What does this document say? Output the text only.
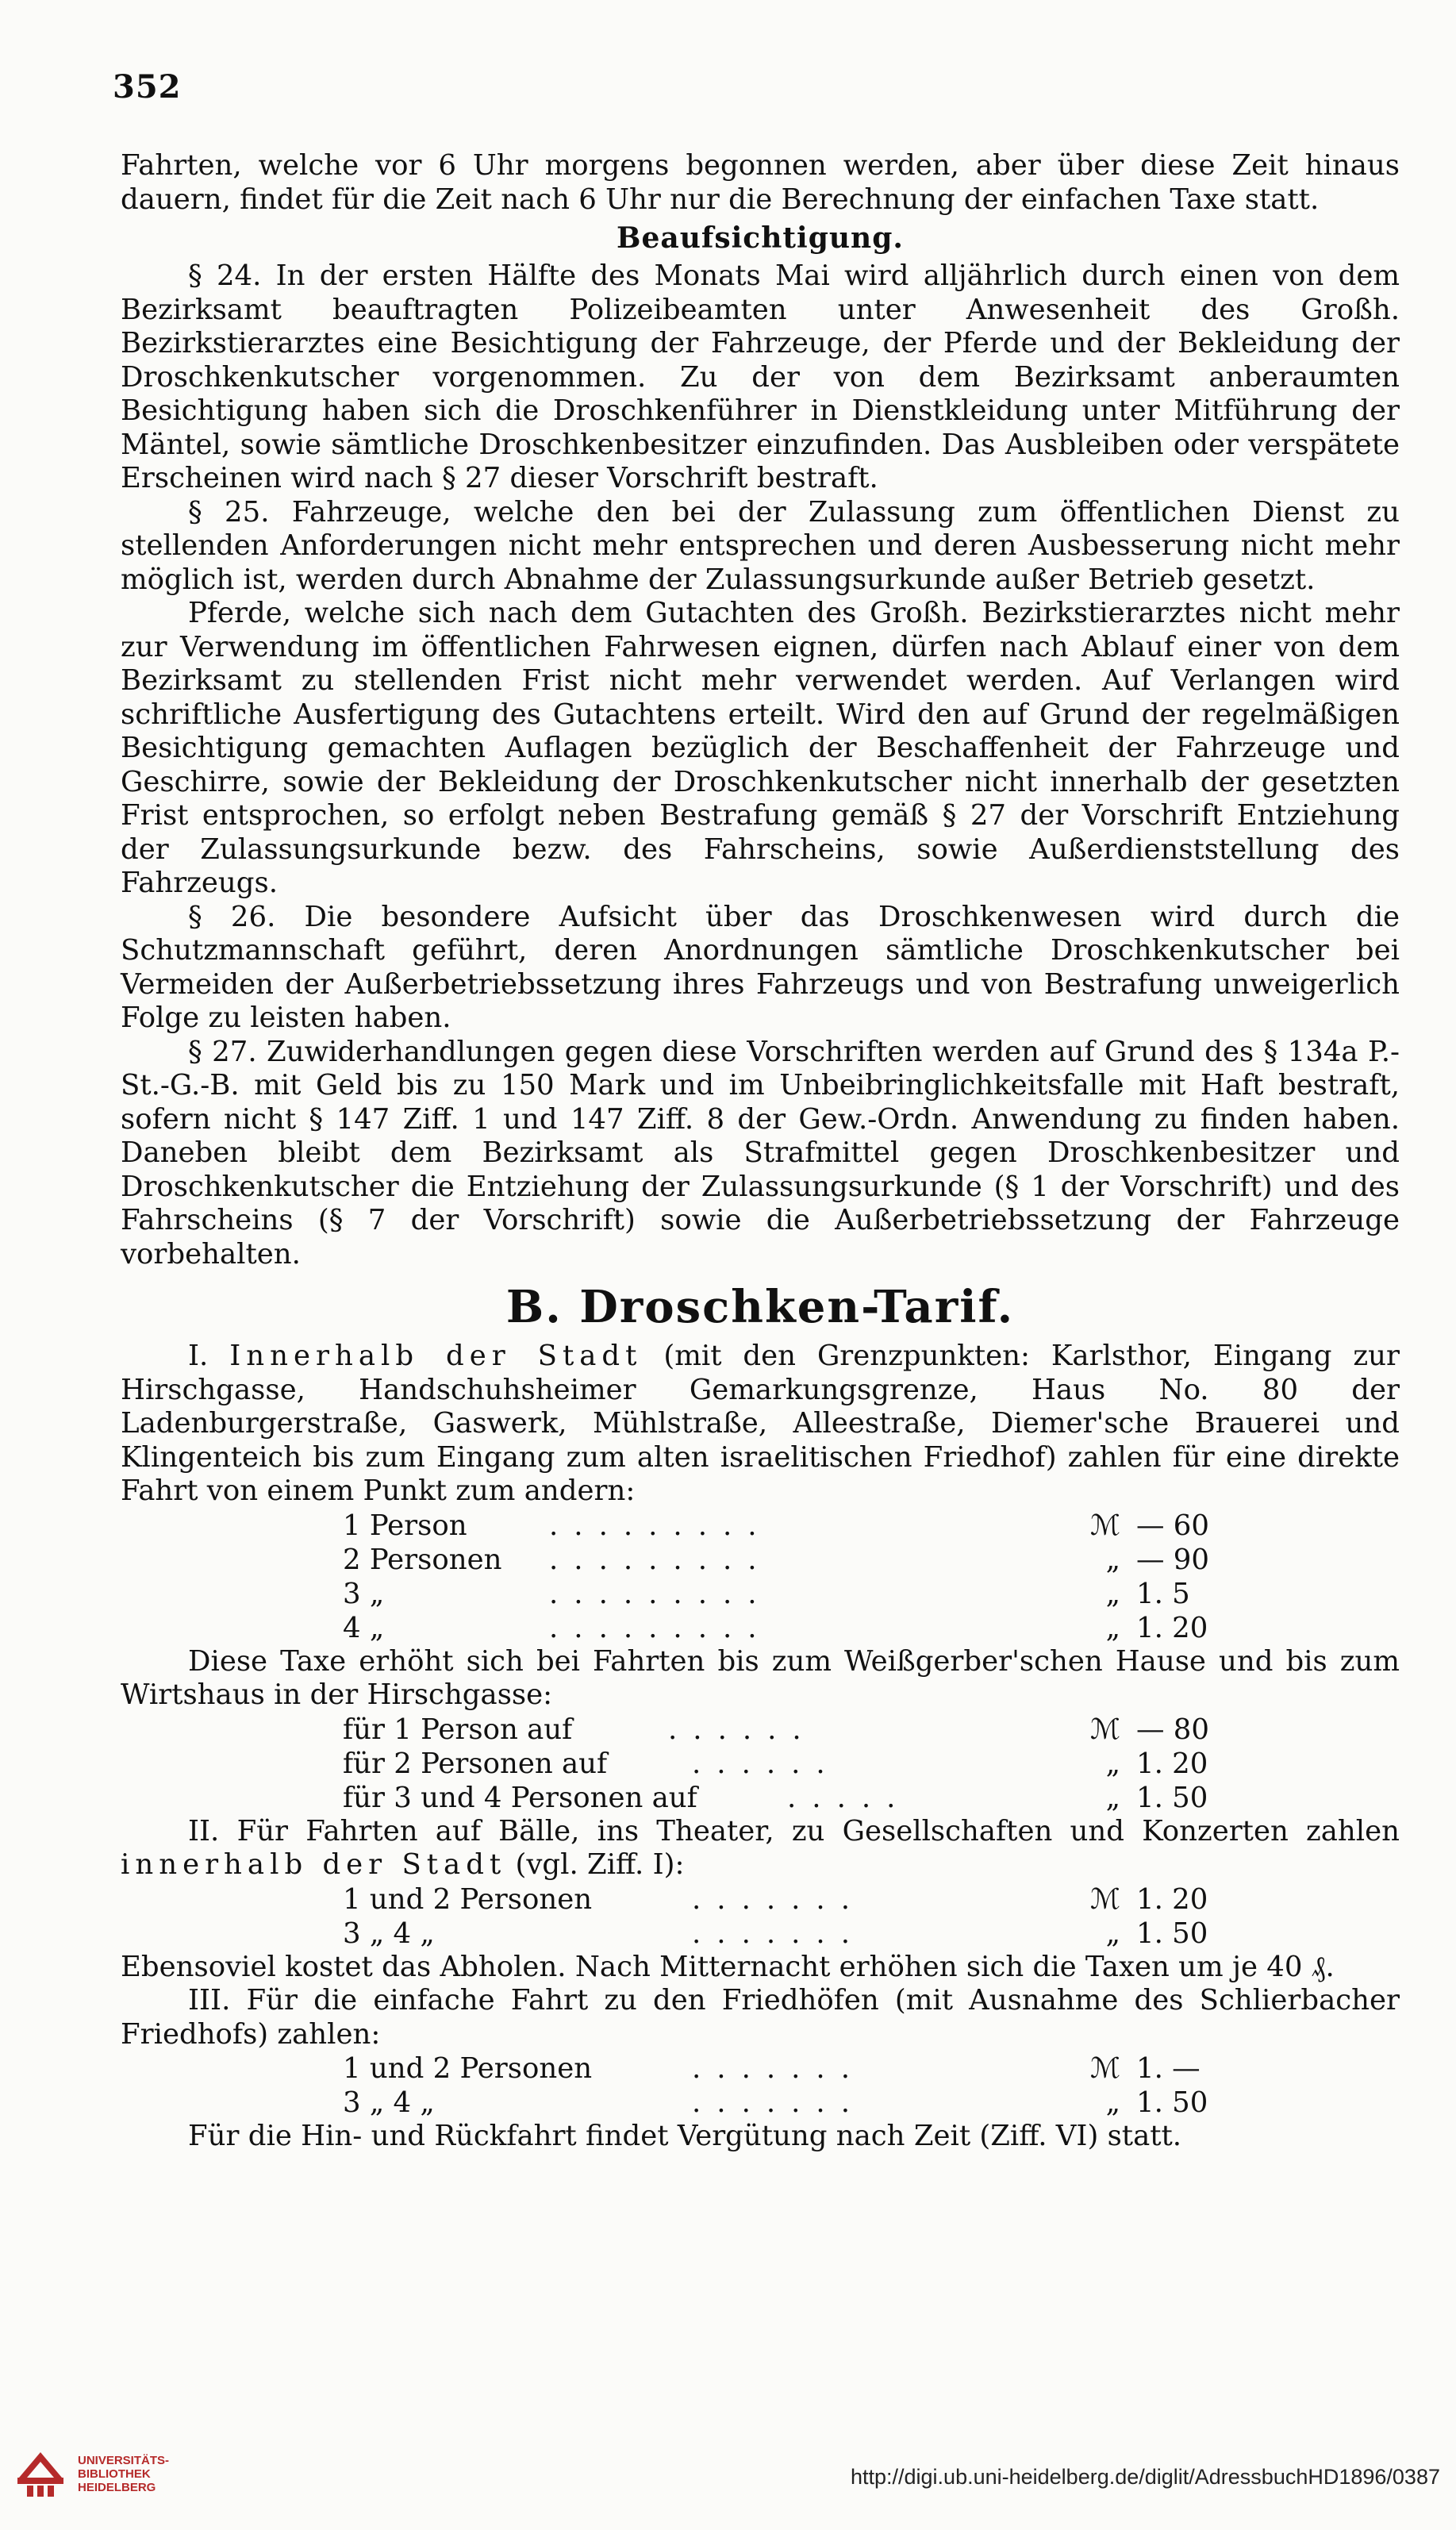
352

Fahrten, welche vor 6 Uhr morgens begonnen werden, aber über diese Zeit hinaus dauern, findet für die Zeit nach 6 Uhr nur die Berechnung der einfachen Taxe statt.

Beaufsichtigung.

§ 24. In der ersten Hälfte des Monats Mai wird alljährlich durch einen von dem Bezirksamt beauftragten Polizeibeamten unter Anwesenheit des Großh. Bezirkstierarztes eine Besichtigung der Fahrzeuge, der Pferde und der Bekleidung der Droschkenkutscher vorgenommen. Zu der von dem Bezirksamt anberaumten Besichtigung haben sich die Droschkenführer in Dienstkleidung unter Mitführung der Mäntel, sowie sämtliche Droschkenbesitzer einzufinden. Das Ausbleiben oder verspätete Erscheinen wird nach § 27 dieser Vorschrift bestraft.

§ 25. Fahrzeuge, welche den bei der Zulassung zum öffentlichen Dienst zu stellenden Anforderungen nicht mehr entsprechen und deren Ausbesserung nicht mehr möglich ist, werden durch Abnahme der Zulassungsurkunde außer Betrieb gesetzt.

Pferde, welche sich nach dem Gutachten des Großh. Bezirkstierarztes nicht mehr zur Verwendung im öffentlichen Fahrwesen eignen, dürfen nach Ablauf einer von dem Bezirksamt zu stellenden Frist nicht mehr verwendet werden. Auf Verlangen wird schriftliche Ausfertigung des Gutachtens erteilt. Wird den auf Grund der regelmäßigen Besichtigung gemachten Auflagen bezüglich der Beschaffenheit der Fahrzeuge und Geschirre, sowie der Bekleidung der Droschkenkutscher nicht innerhalb der gesetzten Frist entsprochen, so erfolgt neben Bestrafung gemäß § 27 der Vorschrift Entziehung der Zulassungsurkunde bezw. des Fahrscheins, sowie Außerdienststellung des Fahrzeugs.

§ 26. Die besondere Aufsicht über das Droschkenwesen wird durch die Schutzmannschaft geführt, deren Anordnungen sämtliche Droschkenkutscher bei Vermeiden der Außerbetriebssetzung ihres Fahrzeugs und von Bestrafung unweigerlich Folge zu leisten haben.

§ 27. Zuwiderhandlungen gegen diese Vorschriften werden auf Grund des § 134a P.-St.-G.-B. mit Geld bis zu 150 Mark und im Unbeibringlichkeitsfalle mit Haft bestraft, sofern nicht § 147 Ziff. 1 und 147 Ziff. 8 der Gew.-Ordn. Anwendung zu finden haben. Daneben bleibt dem Bezirksamt als Strafmittel gegen Droschkenbesitzer und Droschkenkutscher die Entziehung der Zulassungsurkunde (§ 1 der Vorschrift) und des Fahrscheins (§ 7 der Vorschrift) sowie die Außerbetriebssetzung der Fahrzeuge vorbehalten.

B. Droschken-Tarif.

I. Innerhalb der Stadt (mit den Grenzpunkten: Karlsthor, Eingang zur Hirschgasse, Handschuhsheimer Gemarkungsgrenze, Haus No. 80 der Ladenburgerstraße, Gaswerk, Mühlstraße, Alleestraße, Diemer'sche Brauerei und Klingenteich bis zum Eingang zum alten israelitischen Friedhof) zahlen für eine direkte Fahrt von einem Punkt zum andern:

1 Person	.........	ℳ — 60
2 Personen .........	„ — 90
3 „	.........	„ 1. 5
4 „	.........	„ 1. 20

Diese Taxe erhöht sich bei Fahrten bis zum Weißgerber'schen Hause und bis zum Wirtshaus in der Hirschgasse:

für 1 Person auf	......	ℳ — 80
für 2 Personen auf	......	„ 1. 20
für 3 und 4 Personen auf	.....	„ 1. 50

II. Für Fahrten auf Bälle, ins Theater, zu Gesellschaften und Konzerten zahlen innerhalb der Stadt (vgl. Ziff. I):

1 und 2 Personen	.......	ℳ 1. 20
3 „ 4 „	.......	„ 1. 50

Ebensoviel kostet das Abholen. Nach Mitternacht erhöhen sich die Taxen um je 40 ₰.

III. Für die einfache Fahrt zu den Friedhöfen (mit Ausnahme des Schlierbacher Friedhofs) zahlen:

1 und 2 Personen	.......	ℳ 1. —
3 „ 4 „	.......	„ 1. 50

Für die Hin- und Rückfahrt findet Vergütung nach Zeit (Ziff. VI) statt.

UNIVERSITÄTS-
BIBLIOTHEK
HEIDELBERG	http://digi.ub.uni-heidelberg.de/diglit/AdressbuchHD1896/0387
